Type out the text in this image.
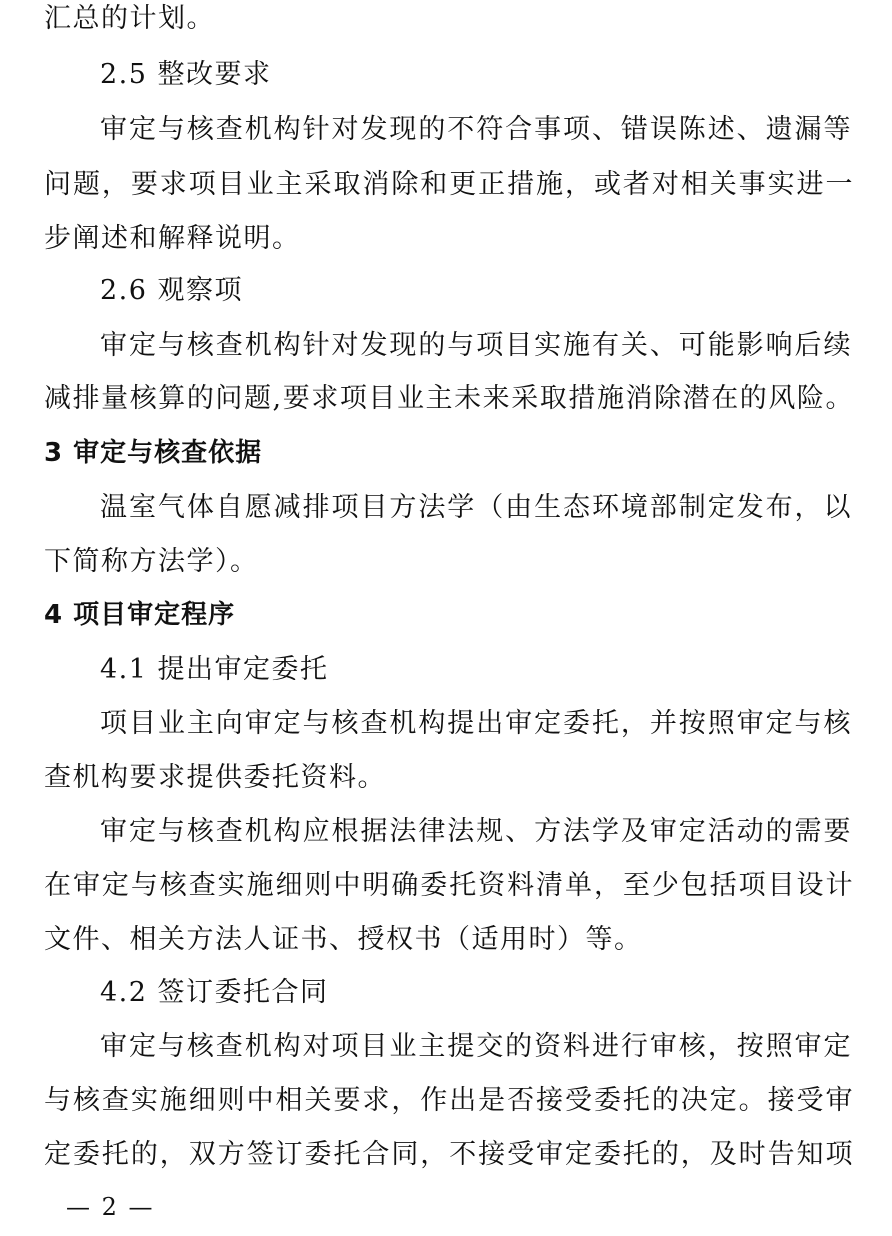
汇总的计划。
2.5 整改要求
审定与核查机构针对发现的不符合事项、错误陈述、遗漏等
问题，要求项目业主采取消除和更正措施，或者对相关事实进一
步阐述和解释说明。
2.6 观察项
审定与核查机构针对发现的与项目实施有关、可能影响后续
减排量核算的问题,要求项目业主未来采取措施消除潜在的风险。
3 审定与核查依据
温室气体自愿减排项目方法学（由生态环境部制定发布，以
下简称方法学）。
4 项目审定程序
4.1 提出审定委托
项目业主向审定与核查机构提出审定委托，并按照审定与核
查机构要求提供委托资料。
审定与核查机构应根据法律法规、方法学及审定活动的需要
在审定与核查实施细则中明确委托资料清单，至少包括项目设计
文件、相关方法人证书、授权书（适用时）等。
4.2 签订委托合同
审定与核查机构对项目业主提交的资料进行审核，按照审定
与核查实施细则中相关要求，作出是否接受委托的决定。接受审
定委托的，双方签订委托合同，不接受审定委托的，及时告知项
— 2 —
